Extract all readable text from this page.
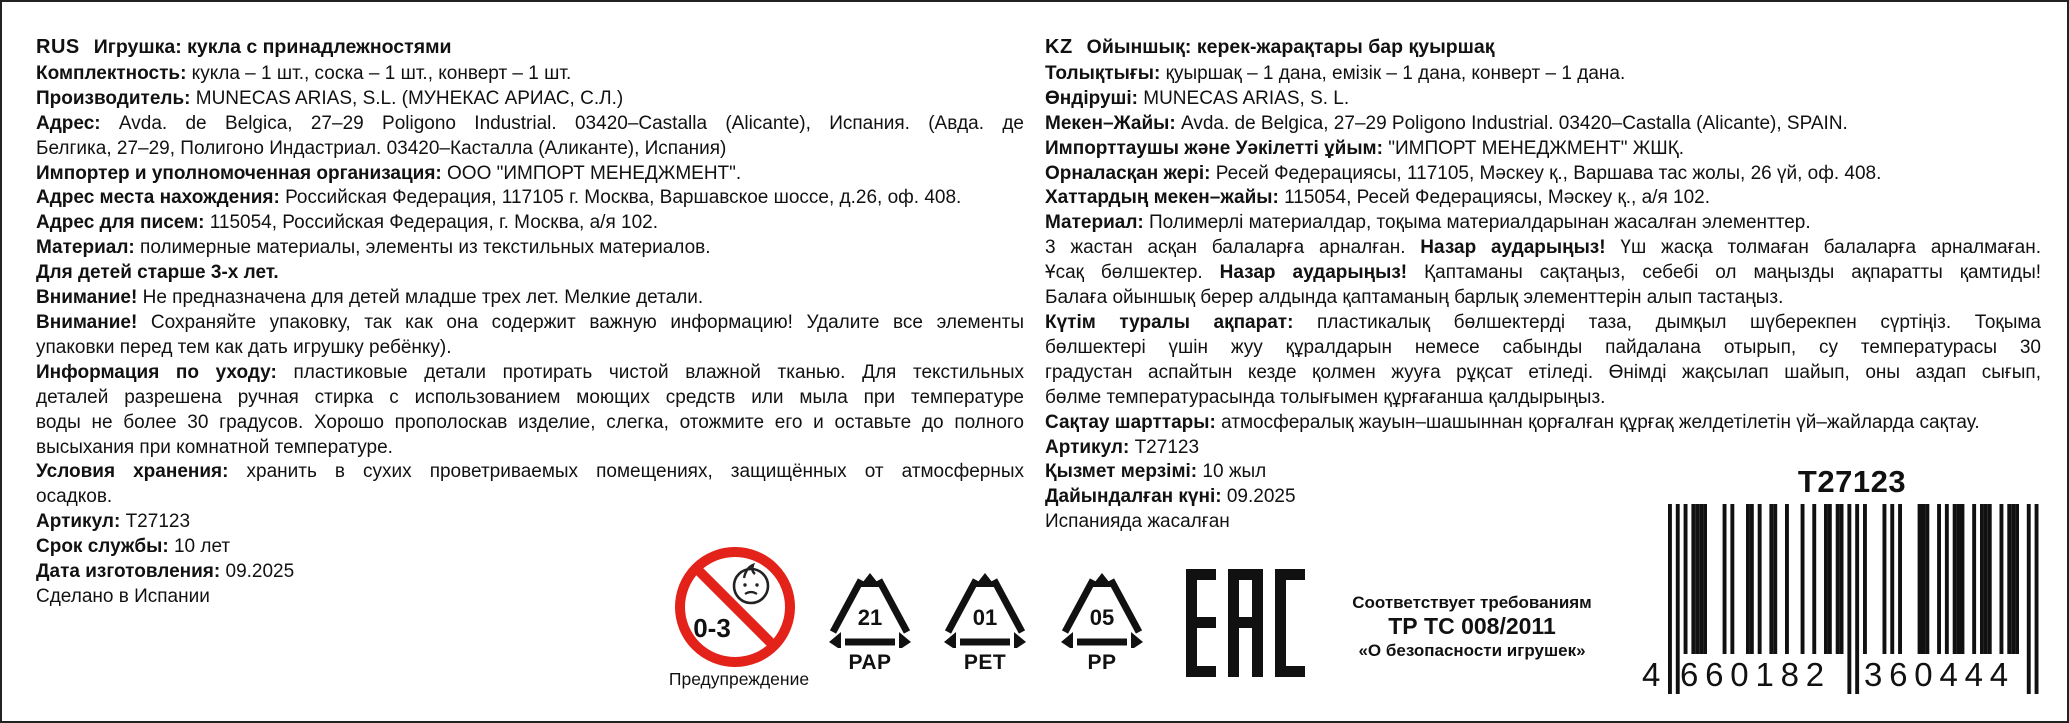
RUS Игрушка: кукла с принадлежностями

Комплектность: кукла – 1 шт., соска – 1 шт., конверт – 1 шт.

Производитель: MUNECAS ARIAS, S.L. (МУНЕКАС АРИАС, С.Л.)

Адрес: Avda. de Belgica, 27–29 Poligono Industrial. 03420–Castalla (Alicante), Испания. (Авда. де

Белгика, 27–29, Полигоно Индастриал. 03420–Касталла (Аликанте), Испания)

Импортер и уполномоченная организация: ООО "ИМПОРТ МЕНЕДЖМЕНТ".

Адрес места нахождения: Российская Федерация, 117105 г. Москва, Варшавское шоссе, д.26, оф. 408.

Адрес для писем: 115054, Российская Федерация, г. Москва, а/я 102.

Материал: полимерные материалы, элементы из текстильных материалов.

Для детей старше 3-х лет.

Внимание! Не предназначена для детей младше трех лет. Мелкие детали.

Внимание! Сохраняйте упаковку, так как она содержит важную информацию! Удалите все элементы

упаковки перед тем как дать игрушку ребёнку).

Информация по уходу: пластиковые детали протирать чистой влажной тканью. Для текстильных

деталей разрешена ручная стирка с использованием моющих средств или мыла при температуре

воды не более 30 градусов. Хорошо прополоскав изделие, слегка, отожмите его и оставьте до полного

высыхания при комнатной температуре.

Условия хранения: хранить в сухих проветриваемых помещениях, защищённых от атмосферных

осадков.

Артикул: T27123

Срок службы: 10 лет

Дата изготовления: 09.2025

Сделано в Испании

KZ Ойыншық: керек-жарақтары бар қуыршақ

Толықтығы: қуыршақ – 1 дана, емізік – 1 дана, конверт – 1 дана.

Өндіруші: MUNECAS ARIAS, S. L.

Мекен–Жайы: Avda. de Belgica, 27–29 Poligono Industrial. 03420–Castalla (Alicante), SPAIN.

Импорттаушы және Уәкілетті ұйым: "ИМПОРТ МЕНЕДЖМЕНТ" ЖШҚ.

Орналасқан жері: Ресей Федерациясы, 117105, Мәскеу қ., Варшава тас жолы, 26 үй, оф. 408.

Хаттардың мекен–жайы: 115054, Ресей Федерациясы, Мәскеу қ., а/я 102.

Материал: Полимерлі материалдар, тоқыма материалдарынан жасалған элементтер.

3 жастан асқан балаларға арналған. Назар аударыңыз! Үш жасқа толмаған балаларға арналмаған.

Ұсақ бөлшектер. Назар аударыңыз! Қаптаманы сақтаңыз, себебі ол маңызды ақпаратты қамтиды!

Балаға ойыншық берер алдында қаптаманың барлық элементтерін алып тастаңыз.

Күтім туралы ақпарат: пластикалық бөлшектерді таза, дымқыл шүберекпен сүртіңіз. Тоқыма

бөлшектері үшін жуу құралдарын немесе сабынды пайдалана отырып, су температурасы 30

градустан аспайтын кезде қолмен жууға рұқсат етіледі. Өнімді жақсылап шайып, оны аздап сығып,

бөлме температурасында толығымен құрғағанша қалдырыңыз.

Сақтау шарттары: атмосфералық жауын–шашыннан қорғалған құрғақ желдетілетін үй–жайларда сақтау.

Артикул: T27123

Қызмет мерзімі: 10 жыл

Дайындалған күні: 09.2025

Испанияда жасалған

0-3
Предупреждение
21
PAP
01
PET
05
PP
Соответствует требованиям
ТР ТС 008/2011
«О безопасности игрушек»
T27123
4 660182 360444
